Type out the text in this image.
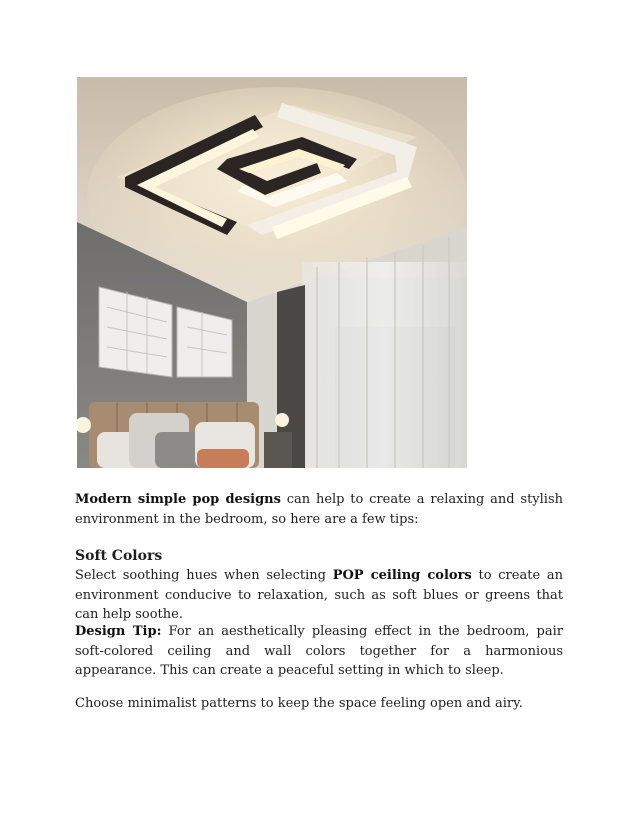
Modern simple pop designs can help to create a relaxing and stylish environment in the bedroom, so here are a few tips:
Soft Colors
Select soothing hues when selecting POP ceiling colors to create an environment conducive to relaxation, such as soft blues or greens that can help soothe.
Design Tip: For an aesthetically pleasing effect in the bedroom, pair soft-colored ceiling and wall colors together for a harmonious appearance. This can create a peaceful setting in which to sleep.
Choose minimalist patterns to keep the space feeling open and airy.
